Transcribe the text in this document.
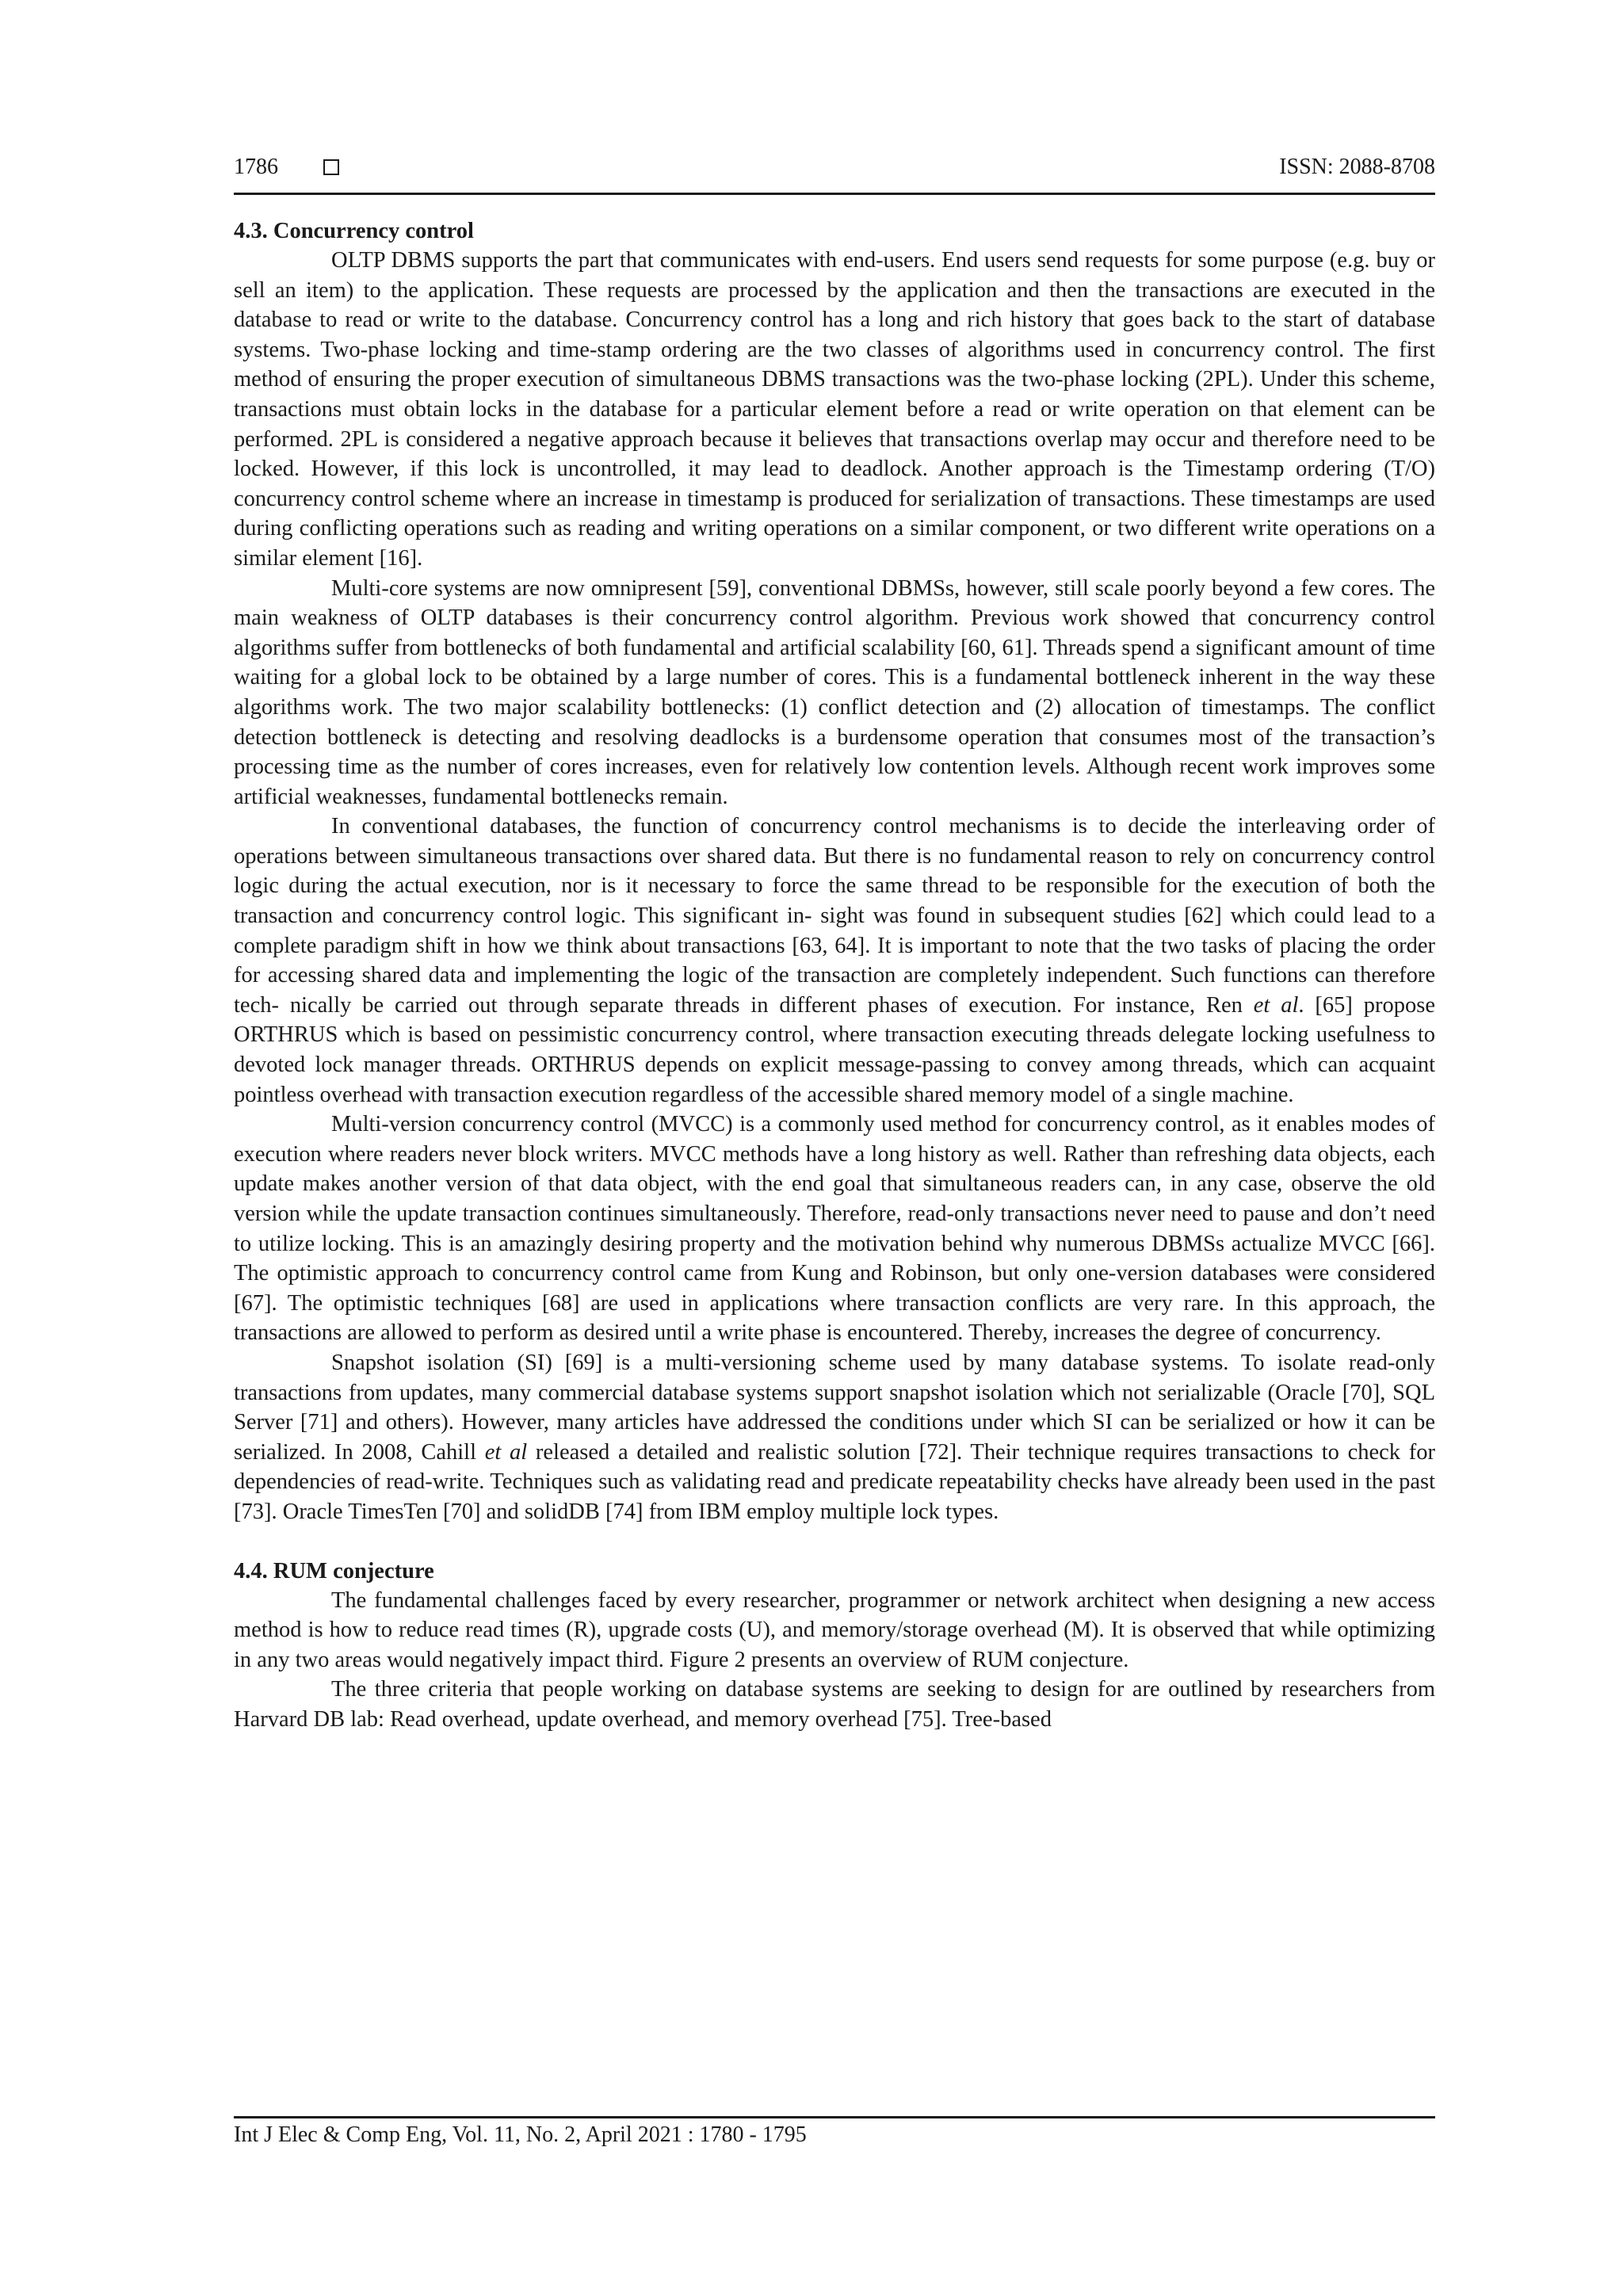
1786	ISSN: 2088-8708
4.3. Concurrency control

OLTP DBMS supports the part that communicates with end-users. End users send requests for some purpose (e.g. buy or sell an item) to the application. These requests are processed by the application and then the transactions are executed in the database to read or write to the database. Concurrency control has a long and rich history that goes back to the start of database systems. Two-phase locking and time-stamp ordering are the two classes of algorithms used in concurrency control. The first method of ensuring the proper execution of simultaneous DBMS transactions was the two-phase locking (2PL). Under this scheme, transactions must obtain locks in the database for a particular element before a read or write operation on that element can be performed. 2PL is considered a negative approach because it believes that transactions overlap may occur and therefore need to be locked. However, if this lock is uncontrolled, it may lead to deadlock. Another approach is the Timestamp ordering (T/O) concurrency control scheme where an increase in timestamp is produced for serialization of transactions. These timestamps are used during conflicting operations such as reading and writing operations on a similar component, or two different write operations on a similar element [16].

Multi-core systems are now omnipresent [59], conventional DBMSs, however, still scale poorly beyond a few cores. The main weakness of OLTP databases is their concurrency control algorithm. Previous work showed that concurrency control algorithms suffer from bottlenecks of both fundamental and artificial scalability [60, 61]. Threads spend a significant amount of time waiting for a global lock to be obtained by a large number of cores. This is a fundamental bottleneck inherent in the way these algorithms work. The two major scalability bottlenecks: (1) conflict detection and (2) allocation of timestamps. The conflict detection bottleneck is detecting and resolving deadlocks is a burdensome operation that consumes most of the transaction’s processing time as the number of cores increases, even for relatively low contention levels. Although recent work improves some artificial weaknesses, fundamental bottlenecks remain.

In conventional databases, the function of concurrency control mechanisms is to decide the interleaving order of operations between simultaneous transactions over shared data. But there is no fundamental reason to rely on concurrency control logic during the actual execution, nor is it necessary to force the same thread to be responsible for the execution of both the transaction and concurrency control logic. This significant in- sight was found in subsequent studies [62] which could lead to a complete paradigm shift in how we think about transactions [63, 64]. It is important to note that the two tasks of placing the order for accessing shared data and implementing the logic of the transaction are completely independent. Such functions can therefore tech- nically be carried out through separate threads in different phases of execution. For instance, Ren et al. [65] propose ORTHRUS which is based on pessimistic concurrency control, where transaction executing threads delegate locking usefulness to devoted lock manager threads. ORTHRUS depends on explicit message-passing to convey among threads, which can acquaint pointless overhead with transaction execution regardless of the accessible shared memory model of a single machine.

Multi-version concurrency control (MVCC) is a commonly used method for concurrency control, as it enables modes of execution where readers never block writers. MVCC methods have a long history as well. Rather than refreshing data objects, each update makes another version of that data object, with the end goal that simultaneous readers can, in any case, observe the old version while the update transaction continues simultaneously. Therefore, read-only transactions never need to pause and don’t need to utilize locking. This is an amazingly desiring property and the motivation behind why numerous DBMSs actualize MVCC [66]. The optimistic approach to concurrency control came from Kung and Robinson, but only one-version databases were considered [67]. The optimistic techniques [68] are used in applications where transaction conflicts are very rare. In this approach, the transactions are allowed to perform as desired until a write phase is encountered. Thereby, increases the degree of concurrency.

Snapshot isolation (SI) [69] is a multi-versioning scheme used by many database systems. To isolate read-only transactions from updates, many commercial database systems support snapshot isolation which not serializable (Oracle [70], SQL Server [71] and others). However, many articles have addressed the conditions under which SI can be serialized or how it can be serialized. In 2008, Cahill et al released a detailed and realistic solution [72]. Their technique requires transactions to check for dependencies of read-write. Techniques such as validating read and predicate repeatability checks have already been used in the past [73]. Oracle TimesTen [70] and solidDB [74] from IBM employ multiple lock types.

4.4. RUM conjecture

The fundamental challenges faced by every researcher, programmer or network architect when designing a new access method is how to reduce read times (R), upgrade costs (U), and memory/storage overhead (M). It is observed that while optimizing in any two areas would negatively impact third. Figure 2 presents an overview of RUM conjecture.

The three criteria that people working on database systems are seeking to design for are outlined by researchers from Harvard DB lab: Read overhead, update overhead, and memory overhead [75]. Tree-based

Int J Elec & Comp Eng, Vol. 11, No. 2, April 2021 : 1780 - 1795
